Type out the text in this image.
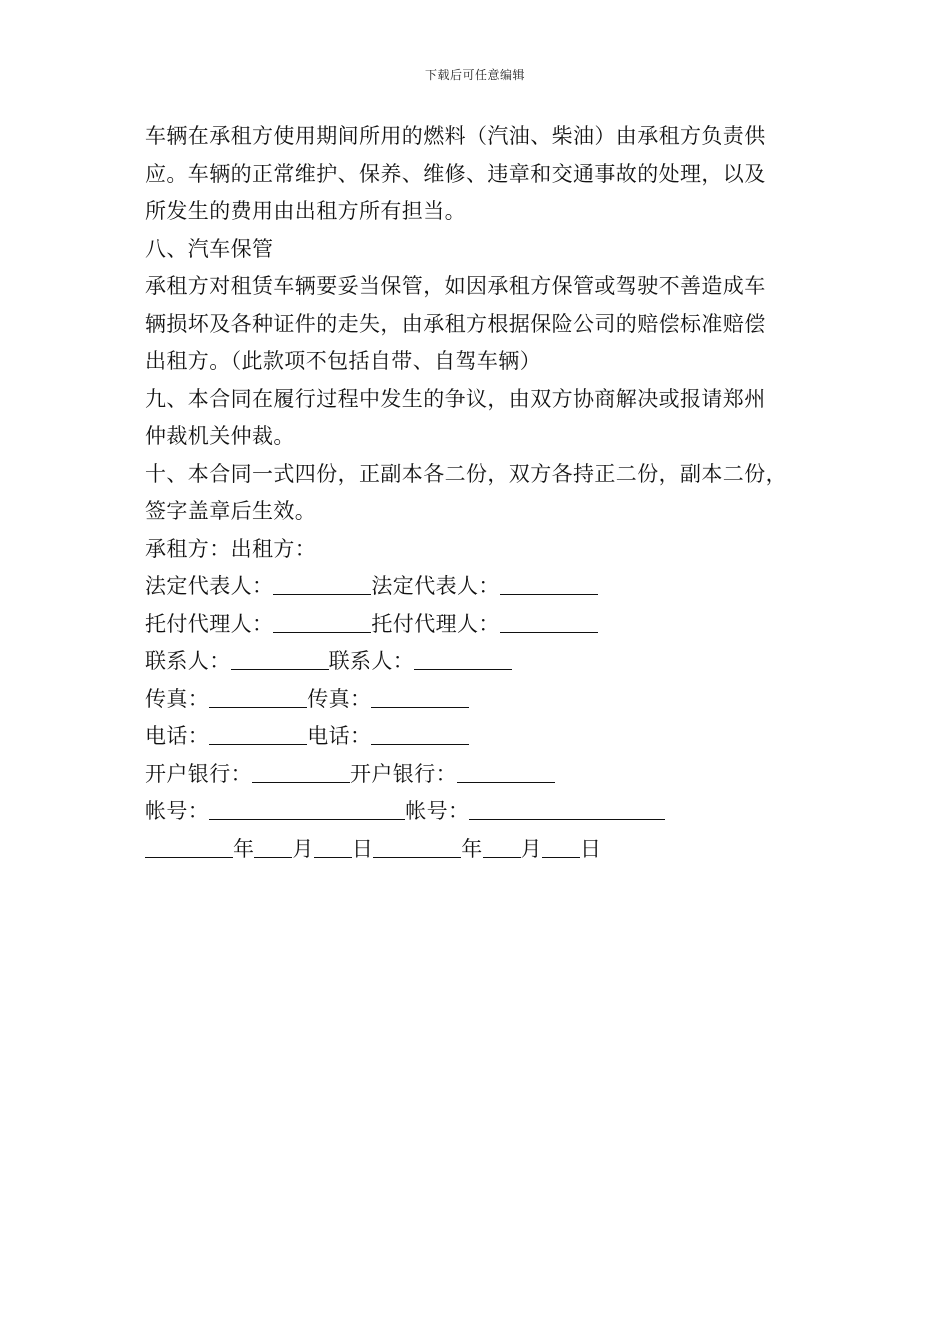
下载后可任意编辑
车辆在承租方使用期间所用的燃料（汽油、柴油）由承租方负责供
应。车辆的正常维护、保养、维修、违章和交通事故的处理，以及
所发生的费用由出租方所有担当。
八、汽车保管
承租方对租赁车辆要妥当保管，如因承租方保管或驾驶不善造成车
辆损坏及各种证件的走失，由承租方根据保险公司的赔偿标准赔偿
出租方。（此款项不包括自带、自驾车辆）
九、本合同在履行过程中发生的争议，由双方协商解决或报请郑州
仲裁机关仲裁。
十、本合同一式四份，正副本各二份，双方各持正二份，副本二份，
签字盖章后生效。
承租方：出租方：
法定代表人：	法定代表人：
托付代理人：	托付代理人：
联系人：	联系人：
传真：	传真：
电话：	电话：
开户银行：	开户银行：
帐号：	帐号：
年 月 日	年 月 日
